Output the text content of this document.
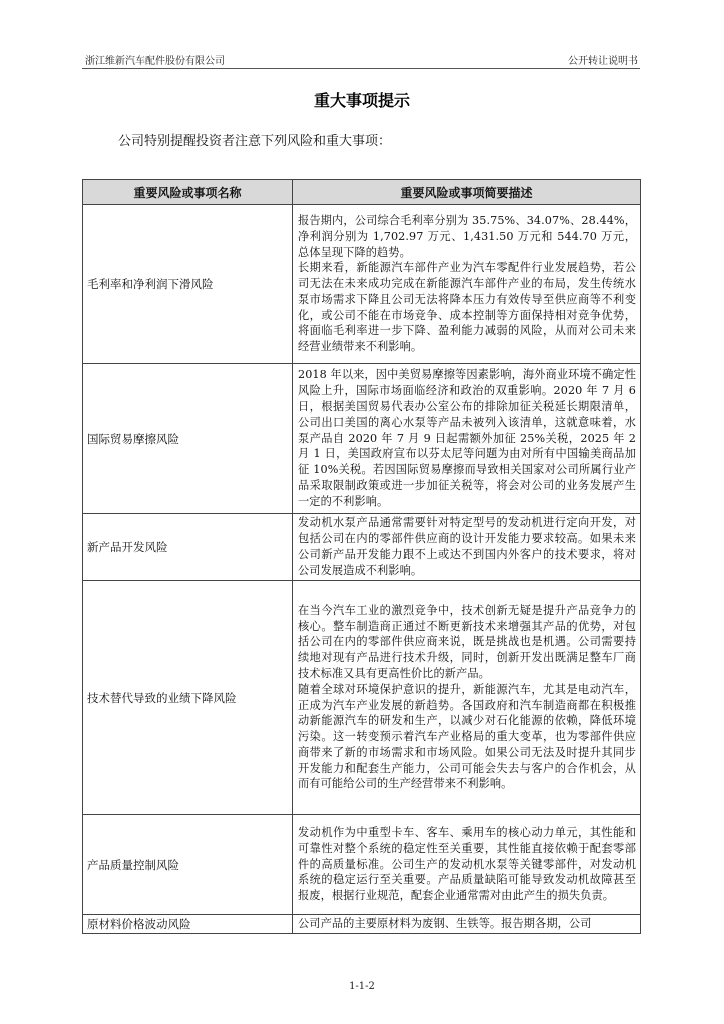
浙江维新汽车配件股份有限公司	公开转让说明书
重大事项提示
公司特别提醒投资者注意下列风险和重大事项：
重要风险或事项名称	重要风险或事项简要描述
毛利率和净利润下滑风险	报告期内，公司综合毛利率分别为 35.75%、34.07%、28.44%，净利润分别为 1,702.97 万元、1,431.50 万元和 544.70 万元，总体呈现下降的趋势。

长期来看，新能源汽车部件产业为汽车零配件行业发展趋势，若公司无法在未来成功完成在新能源汽车部件产业的布局，发生传统水泵市场需求下降且公司无法将降本压力有效传导至供应商等不利变化，或公司不能在市场竞争、成本控制等方面保持相对竞争优势，将面临毛利率进一步下降、盈利能力减弱的风险，从而对公司未来经营业绩带来不利影响。

国际贸易摩擦风险	2018 年以来，因中美贸易摩擦等因素影响，海外商业环境不确定性风险上升，国际市场面临经济和政治的双重影响。2020 年 7 月 6 日，根据美国贸易代表办公室公布的排除加征关税延长期限清单，公司出口美国的离心水泵等产品未被列入该清单，这就意味着，水泵产品自 2020 年 7 月 9 日起需额外加征 25%关税，2025 年 2 月 1 日，美国政府宣布以芬太尼等问题为由对所有中国输美商品加征 10%关税。若因国际贸易摩擦而导致相关国家对公司所属行业产品采取限制政策或进一步加征关税等，将会对公司的业务发展产生一定的不利影响。

新产品开发风险	发动机水泵产品通常需要针对特定型号的发动机进行定向开发，对包括公司在内的零部件供应商的设计开发能力要求较高。如果未来公司新产品开发能力跟不上或达不到国内外客户的技术要求，将对公司发展造成不利影响。

技术替代导致的业绩下降风险	在当今汽车工业的激烈竞争中，技术创新无疑是提升产品竞争力的核心。整车制造商正通过不断更新技术来增强其产品的优势，对包括公司在内的零部件供应商来说，既是挑战也是机遇。公司需要持续地对现有产品进行技术升级，同时，创新开发出既满足整车厂商技术标准又具有更高性价比的新产品。

随着全球对环境保护意识的提升，新能源汽车，尤其是电动汽车，正成为汽车产业发展的新趋势。各国政府和汽车制造商都在积极推动新能源汽车的研发和生产，以减少对石化能源的依赖，降低环境污染。这一转变预示着汽车产业格局的重大变革，也为零部件供应商带来了新的市场需求和市场风险。如果公司无法及时提升其同步开发能力和配套生产能力，公司可能会失去与客户的合作机会，从而有可能给公司的生产经营带来不利影响。

产品质量控制风险	发动机作为中重型卡车、客车、乘用车的核心动力单元，其性能和可靠性对整个系统的稳定性至关重要，其性能直接依赖于配套零部件的高质量标准。公司生产的发动机水泵等关键零部件，对发动机系统的稳定运行至关重要。产品质量缺陷可能导致发动机故障甚至报废，根据行业规范，配套企业通常需对由此产生的损失负责。

原材料价格波动风险	公司产品的主要原材料为废钢、生铁等。报告期各期，公司

1-1-2
